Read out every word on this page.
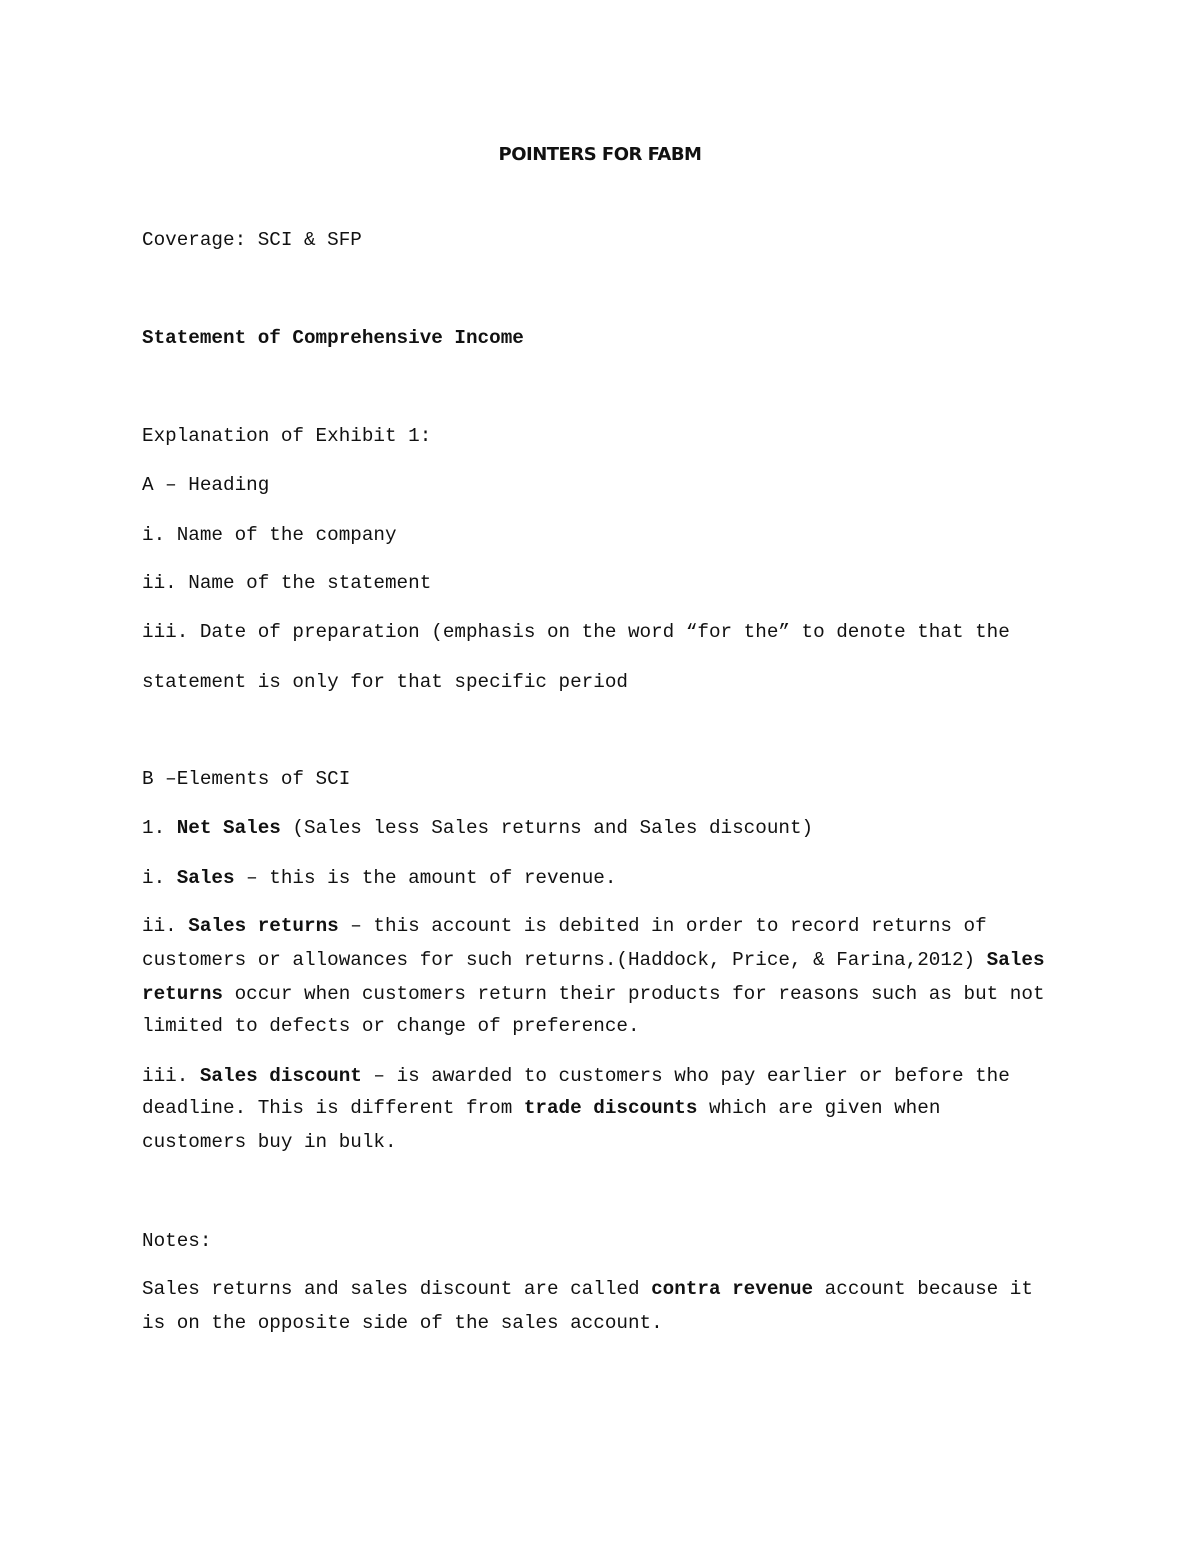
POINTERS FOR FABM

Coverage: SCI & SFP

Statement of Comprehensive Income

Explanation of Exhibit 1:

A – Heading

i. Name of the company

ii. Name of the statement

iii. Date of preparation (emphasis on the word “for the” to denote that the

statement is only for that specific period

B –Elements of SCI

1. Net Sales (Sales less Sales returns and Sales discount)

i. Sales – this is the amount of revenue.

ii. Sales returns – this account is debited in order to record returns of

customers or allowances for such returns.(Haddock, Price, & Farina,2012) Sales

returns occur when customers return their products for reasons such as but not

limited to defects or change of preference.

iii. Sales discount – is awarded to customers who pay earlier or before the

deadline. This is different from trade discounts which are given when

customers buy in bulk.

Notes:

Sales returns and sales discount are called contra revenue account because it

is on the opposite side of the sales account.
